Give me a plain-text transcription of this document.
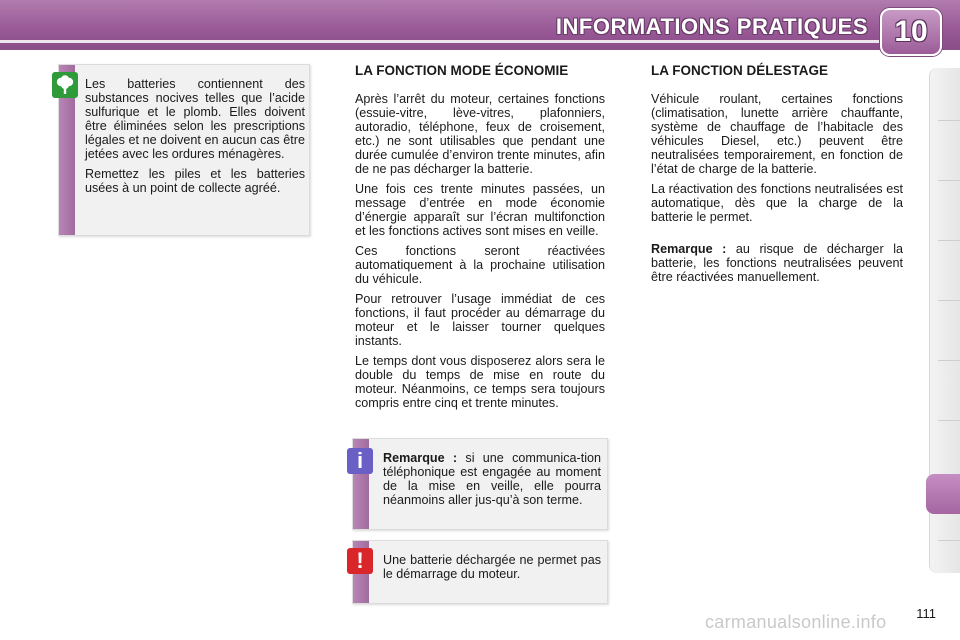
INFORMATIONS PRATIQUES 10

Les batteries contiennent des substances nocives telles que l’acide sulfurique et le plomb. Elles doivent être éliminées selon les prescriptions légales et ne doivent en aucun cas être jetées avec les ordures ménagères.

Remettez les piles et les batteries usées à un point de collecte agréé.

LA FONCTION MODE ÉCONOMIE

Après l’arrêt du moteur, certaines fonctions (essuie-vitre, lève-vitres, plafonniers, autoradio, téléphone, feux de croisement, etc.) ne sont utilisables que pendant une durée cumulée d’environ trente minutes, afin de ne pas décharger la batterie.

Une fois ces trente minutes passées, un message d’entrée en mode économie d’énergie apparaît sur l’écran multifonction et les fonctions actives sont mises en veille.

Ces fonctions seront réactivées automatiquement à la prochaine utilisation du véhicule.

Pour retrouver l’usage immédiat de ces fonctions, il faut procéder au démarrage du moteur et le laisser tourner quelques instants.

Le temps dont vous disposerez alors sera le double du temps de mise en route du moteur. Néanmoins, ce temps sera toujours compris entre cinq et trente minutes.

Remarque : si une communica-tion téléphonique est engagée au moment de la mise en veille, elle pourra néanmoins aller jus-qu’à son terme.

i

Une batterie déchargée ne permet pas le démarrage du moteur.

!
LA FONCTION DÉLESTAGE

Véhicule roulant, certaines fonctions (climatisation, lunette arrière chauffante, système de chauffage de l’habitacle des véhicules Diesel, etc.) peuvent être neutralisées temporairement, en fonction de l’état de charge de la batterie.

La réactivation des fonctions neutralisées est automatique, dès que la charge de la batterie le permet.

Remarque : au risque de décharger la batterie, les fonctions neutralisées peuvent être réactivées manuellement.

111
carmanualsonline.info
